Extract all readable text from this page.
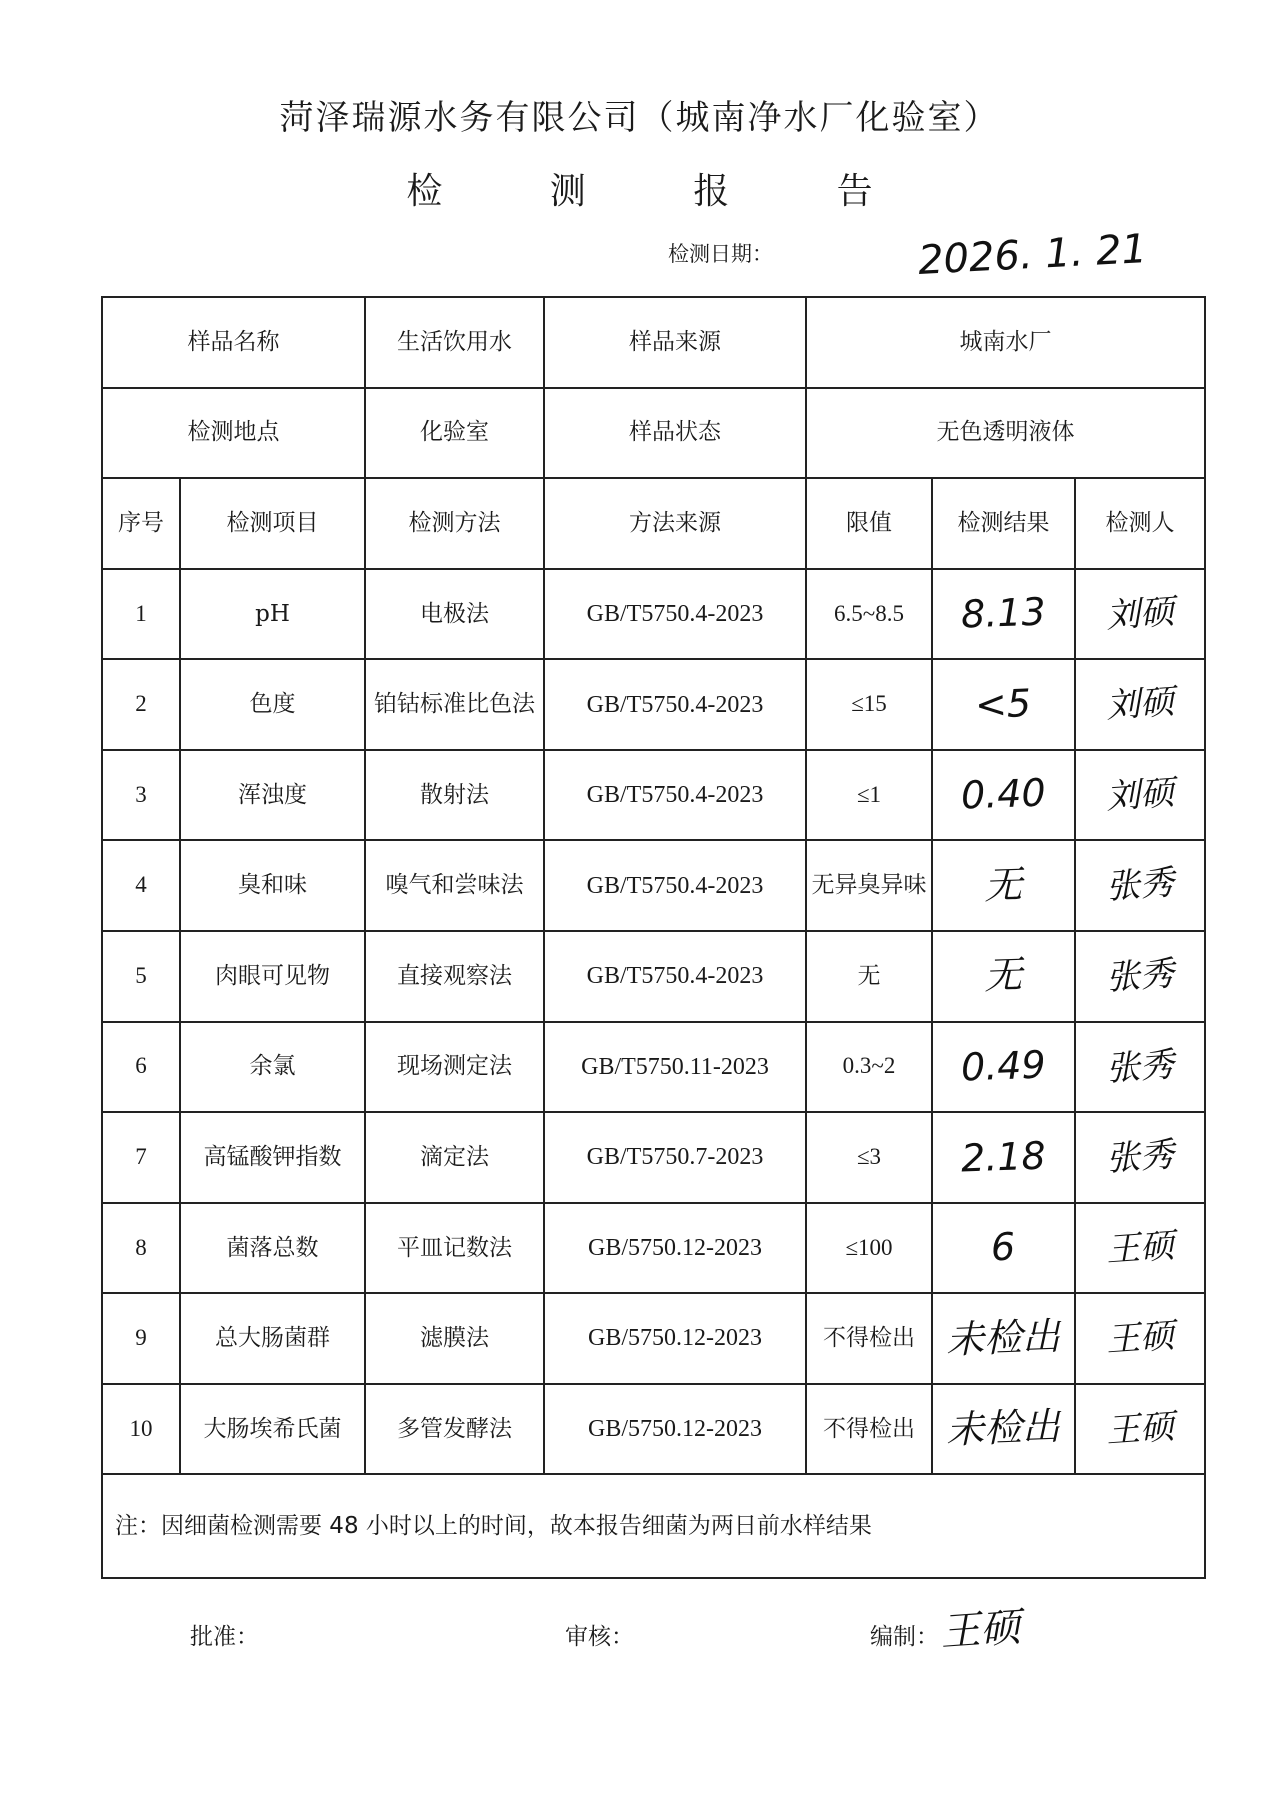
菏泽瑞源水务有限公司（城南净水厂化验室）
检 测 报 告
检测日期：	2026. 1. 21
样品名称		生活饮用水	样品来源	城南水厂		
检测地点		化验室	样品状态	无色透明液体		
序号	检测项目	检测方法	方法来源	限值	检测结果	检测人
1	pH	电极法	GB/T5750.4-2023	6.5~8.5	8.13	刘硕
2	色度	铂钴标准比色法	GB/T5750.4-2023	≤15	<5	刘硕
3	浑浊度	散射法	GB/T5750.4-2023	≤1	0.40	刘硕
4	臭和味	嗅气和尝味法	GB/T5750.4-2023	无异臭异味	无	张秀
5	肉眼可见物	直接观察法	GB/T5750.4-2023	无	无	张秀
6	余氯	现场测定法	GB/T5750.11-2023	0.3~2	0.49	张秀
7	高锰酸钾指数	滴定法	GB/T5750.7-2023	≤3	2.18	张秀
8	菌落总数	平皿记数法	GB/5750.12-2023	≤100	6	王硕
9	总大肠菌群	滤膜法	GB/5750.12-2023	不得检出	未检出	王硕
10	大肠埃希氏菌	多管发酵法	GB/5750.12-2023	不得检出	未检出	王硕
注：因细菌检测需要 48 小时以上的时间，故本报告细菌为两日前水样结果						
批准：	审核：	编制： 王硕
